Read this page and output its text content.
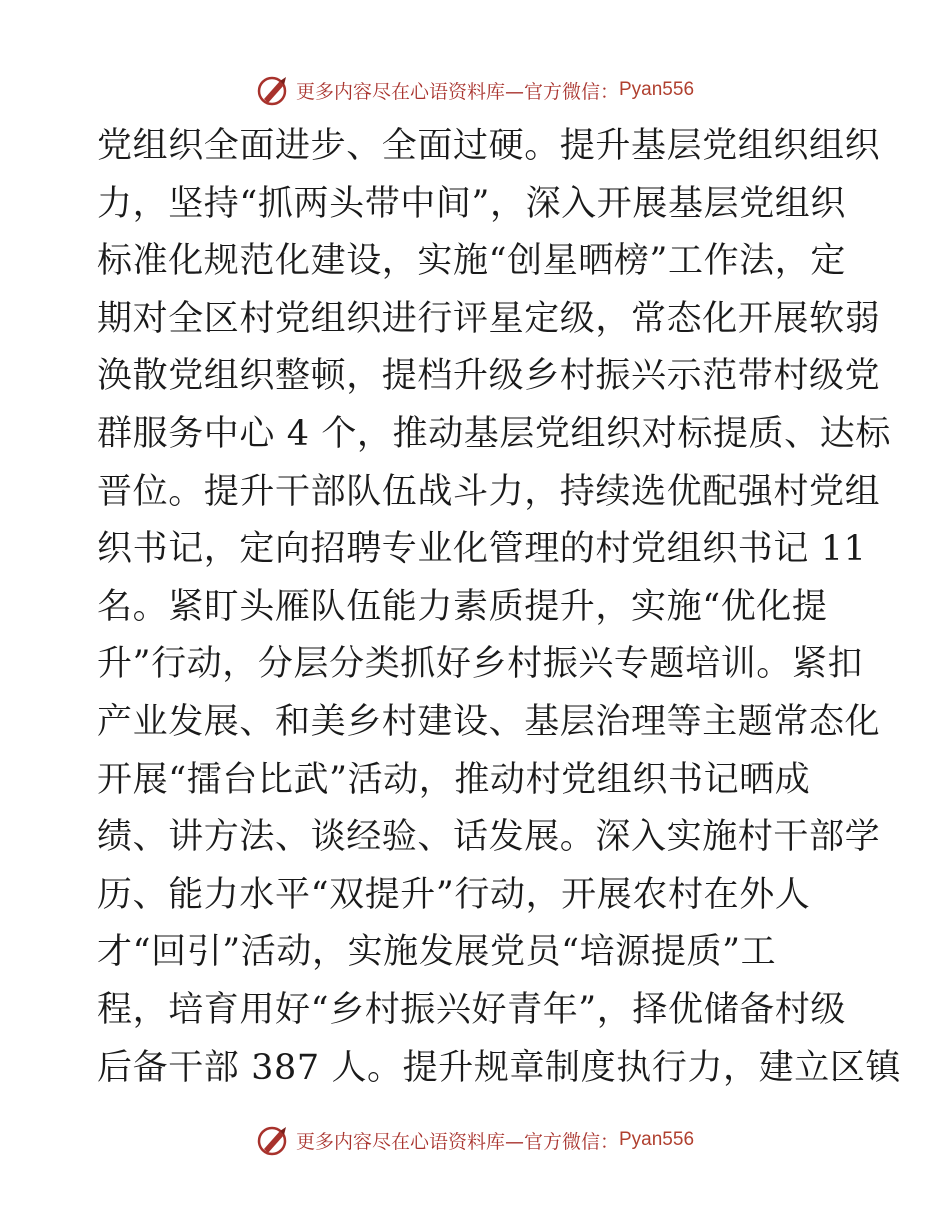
更多内容尽在心语资料库—官方微信： Pyan556
党组织全面进步、全面过硬。提升基层党组织组织
力，坚持“抓两头带中间”，深入开展基层党组织
标准化规范化建设，实施“创星晒榜”工作法，定
期对全区村党组织进行评星定级，常态化开展软弱
涣散党组织整顿，提档升级乡村振兴示范带村级党
群服务中心 4 个，推动基层党组织对标提质、达标
晋位。提升干部队伍战斗力，持续选优配强村党组
织书记，定向招聘专业化管理的村党组织书记 11
名。紧盯头雁队伍能力素质提升，实施“优化提
升”行动，分层分类抓好乡村振兴专题培训。紧扣
产业发展、和美乡村建设、基层治理等主题常态化
开展“擂台比武”活动，推动村党组织书记晒成
绩、讲方法、谈经验、话发展。深入实施村干部学
历、能力水平“双提升”行动，开展农村在外人
才“回引”活动，实施发展党员“培源提质”工
程，培育用好“乡村振兴好青年”，择优储备村级
后备干部 387 人。提升规章制度执行力，建立区镇
更多内容尽在心语资料库—官方微信： Pyan556
